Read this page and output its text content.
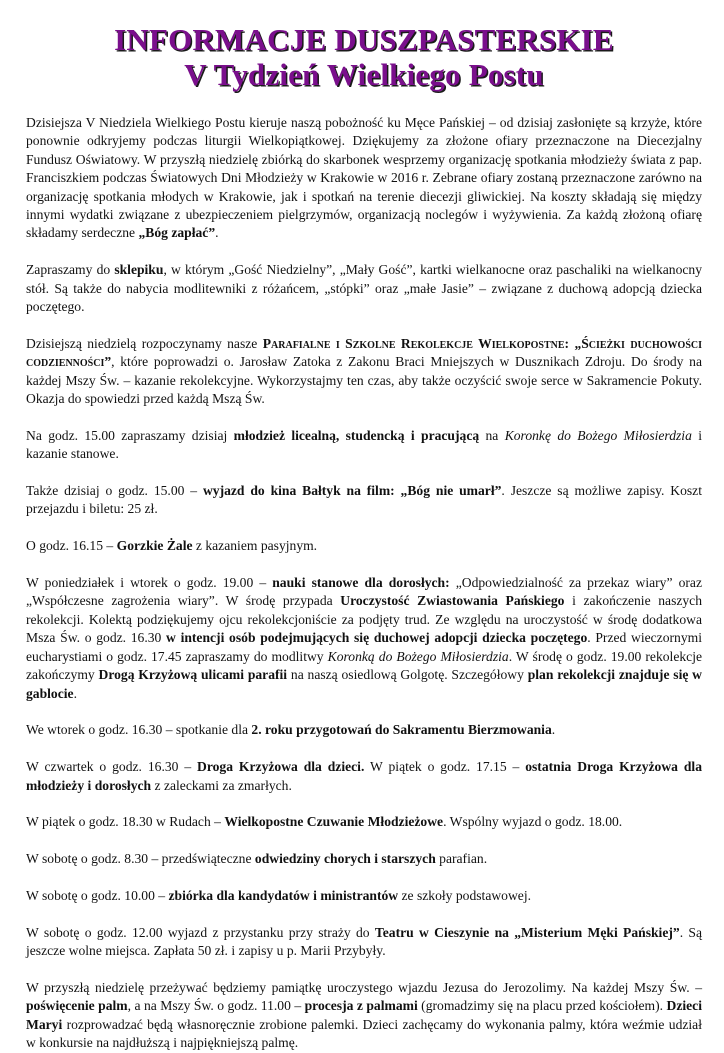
INFORMACJE DUSZPASTERSKIE
V Tydzień Wielkiego Postu

Dzisiejsza V Niedziela Wielkiego Postu kieruje naszą pobożność ku Męce Pańskiej – od dzisiaj zasłonięte są krzyże, które ponownie odkryjemy podczas liturgii Wielkopiątkowej. Dziękujemy za złożone ofiary przeznaczone na Diecezjalny Fundusz Oświatowy. W przyszłą niedzielę zbiórką do skarbonek wesprzemy organizację spotkania młodzieży świata z pap. Franciszkiem podczas Światowych Dni Młodzieży w Krakowie w 2016 r. Zebrane ofiary zostaną przeznaczone zarówno na organizację spotkania młodych w Krakowie, jak i spotkań na terenie diecezji gliwickiej. Na koszty składają się między innymi wydatki związane z ubezpieczeniem pielgrzymów, organizacją noclegów i wyżywienia. Za każdą złożoną ofiarę składamy serdeczne „Bóg zapłać”.

Zapraszamy do sklepiku, w którym „Gość Niedzielny”, „Mały Gość”, kartki wielkanocne oraz paschaliki na wielkanocny stół. Są także do nabycia modlitewniki z różańcem, „stópki” oraz „małe Jasie” – związane z duchową adopcją dziecka poczętego.

Dzisiejszą niedzielą rozpoczynamy nasze Parafialne i Szkolne Rekolekcje Wielkopostne: „Ścieżki duchowości codzienności”, które poprowadzi o. Jarosław Zatoka z Zakonu Braci Mniejszych w Dusznikach Zdroju. Do środy na każdej Mszy Św. – kazanie rekolekcyjne. Wykorzystajmy ten czas, aby także oczyścić swoje serce w Sakramencie Pokuty. Okazja do spowiedzi przed każdą Mszą Św.

Na godz. 15.00 zapraszamy dzisiaj młodzież licealną, studencką i pracującą na Koronkę do Bożego Miłosierdzia i kazanie stanowe.

Także dzisiaj o godz. 15.00 – wyjazd do kina Bałtyk na film: „Bóg nie umarł”. Jeszcze są możliwe zapisy. Koszt przejazdu i biletu: 25 zł.

O godz. 16.15 – Gorzkie Żale z kazaniem pasyjnym.

W poniedziałek i wtorek o godz. 19.00 – nauki stanowe dla dorosłych: „Odpowiedzialność za przekaz wiary” oraz „Współczesne zagrożenia wiary”. W środę przypada Uroczystość Zwiastowania Pańskiego i zakończenie naszych rekolekcji. Kolektą podziękujemy ojcu rekolekcjoniście za podjęty trud. Ze względu na uroczystość w środę dodatkowa Msza Św. o godz. 16.30 w intencji osób podejmujących się duchowej adopcji dziecka poczętego. Przed wieczornymi eucharystiami o godz. 17.45 zapraszamy do modlitwy Koronką do Bożego Miłosierdzia. W środę o godz. 19.00 rekolekcje zakończymy Drogą Krzyżową ulicami parafii na naszą osiedlową Golgotę. Szczegółowy plan rekolekcji znajduje się w gablocie.

We wtorek o godz. 16.30 – spotkanie dla 2. roku przygotowań do Sakramentu Bierzmowania.

W czwartek o godz. 16.30 – Droga Krzyżowa dla dzieci. W piątek o godz. 17.15 – ostatnia Droga Krzyżowa dla młodzieży i dorosłych z zaleckami za zmarłych.

W piątek o godz. 18.30 w Rudach – Wielkopostne Czuwanie Młodzieżowe. Wspólny wyjazd o godz. 18.00.

W sobotę o godz. 8.30 – przedświąteczne odwiedziny chorych i starszych parafian.

W sobotę o godz. 10.00 – zbiórka dla kandydatów i ministrantów ze szkoły podstawowej.

W sobotę o godz. 12.00 wyjazd z przystanku przy straży do Teatru w Cieszynie na „Misterium Męki Pańskiej”. Są jeszcze wolne miejsca. Zapłata 50 zł. i zapisy u p. Marii Przybyły.

W przyszłą niedzielę przeżywać będziemy pamiątkę uroczystego wjazdu Jezusa do Jerozolimy. Na każdej Mszy Św. – poświęcenie palm, a na Mszy Św. o godz. 11.00 – procesja z palmami (gromadzimy się na placu przed kościołem). Dzieci Maryi rozprowadzać będą własnoręcznie zrobione palemki. Dzieci zachęcamy do wykonania palmy, która weźmie udział w konkursie na najdłuższą i najpiękniejszą palmę.
